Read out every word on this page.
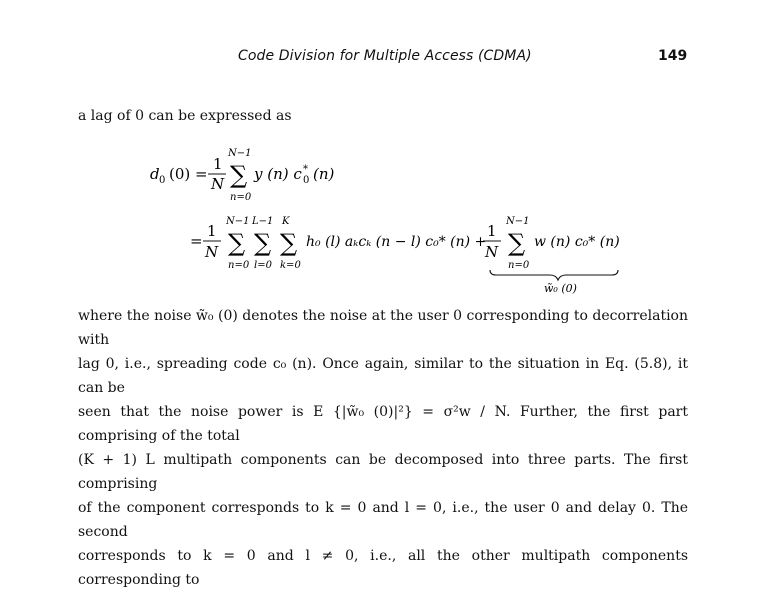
Code Division for Multiple Access (CDMA)	149
a lag of 0 can be expressed as
d 0 (0) =
1
N
N−1
∑
n=0
y (n) c 0
* (n)
=
1
N
N−1
∑
n=0
L−1
∑
l=0
K
∑
k=0
h₀ (l) aₖcₖ (n − l) c₀* (n) +
1
N
N−1
∑
n=0
w (n) c₀* (n)
w̃₀ (0)

where the noise w̃₀ (0) denotes the noise at the user 0 corresponding to decorrelation with

lag 0, i.e., spreading code c₀ (n). Once again, similar to the situation in Eq. (5.8), it can be

seen that the noise power is E {|w̃₀ (0)|²} = σ²w / N. Further, the first part comprising of the total

(K + 1) L multipath components can be decomposed into three parts. The first comprising

of the component corresponds to k = 0 and l = 0, i.e., the user 0 and delay 0. The second

corresponds to k = 0 and l ≠ 0, i.e., all the other multipath components corresponding to
